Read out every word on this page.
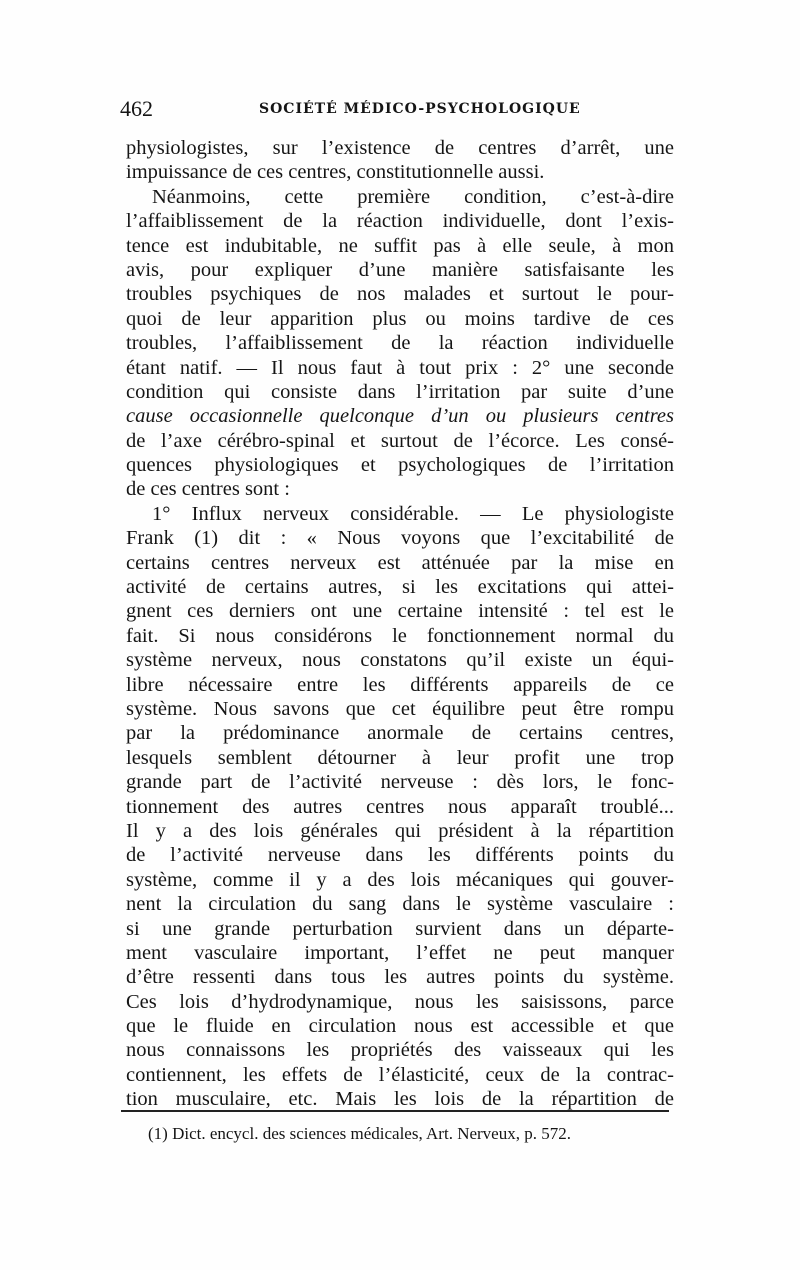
462	SOCIÉTÉ MÉDICO-PSYCHOLOGIQUE
physiologistes, sur l’existence de centres d’arrêt, une
impuissance de ces centres, constitutionnelle aussi.
Néanmoins, cette première condition, c’est-à-dire
l’affaiblissement de la réaction individuelle, dont l’exis-
tence est indubitable, ne suffit pas à elle seule, à mon
avis, pour expliquer d’une manière satisfaisante les
troubles psychiques de nos malades et surtout le pour-
quoi de leur apparition plus ou moins tardive de ces
troubles, l’affaiblissement de la réaction individuelle
étant natif. — Il nous faut à tout prix : 2° une seconde
condition qui consiste dans l’irritation par suite d’une
cause occasionnelle quelconque d’un ou plusieurs centres
de l’axe cérébro-spinal et surtout de l’écorce. Les consé-
quences physiologiques et psychologiques de l’irritation
de ces centres sont :
1° Influx nerveux considérable. — Le physiologiste
Frank (1) dit : « Nous voyons que l’excitabilité de
certains centres nerveux est atténuée par la mise en
activité de certains autres, si les excitations qui attei-
gnent ces derniers ont une certaine intensité : tel est le
fait. Si nous considérons le fonctionnement normal du
système nerveux, nous constatons qu’il existe un équi-
libre nécessaire entre les différents appareils de ce
système. Nous savons que cet équilibre peut être rompu
par la prédominance anormale de certains centres,
lesquels semblent détourner à leur profit une trop
grande part de l’activité nerveuse : dès lors, le fonc-
tionnement des autres centres nous apparaît troublé...
Il y a des lois générales qui président à la répartition
de l’activité nerveuse dans les différents points du
système, comme il y a des lois mécaniques qui gouver-
nent la circulation du sang dans le système vasculaire :
si une grande perturbation survient dans un départe-
ment vasculaire important, l’effet ne peut manquer
d’être ressenti dans tous les autres points du système.
Ces lois d’hydrodynamique, nous les saisissons, parce
que le fluide en circulation nous est accessible et que
nous connaissons les propriétés des vaisseaux qui les
contiennent, les effets de l’élasticité, ceux de la contrac-
tion musculaire, etc. Mais les lois de la répartition de
(1) Dict. encycl. des sciences médicales, Art. Nerveux, p. 572.
